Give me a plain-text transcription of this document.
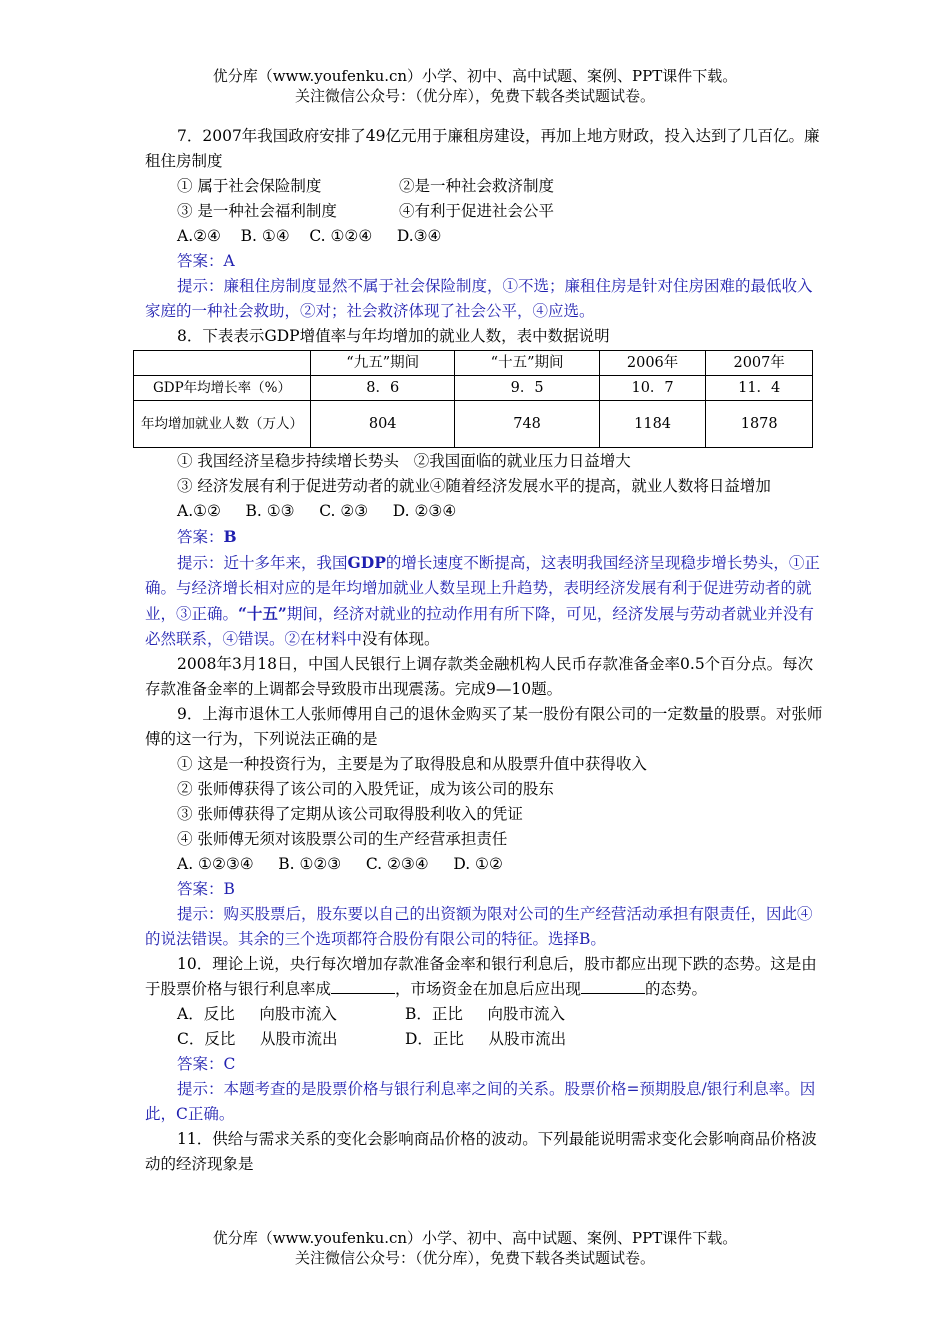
优分库（www.youfenku.cn）小学、初中、高中试题、案例、PPT课件下载。
关注微信公众号：（优分库），免费下载各类试题试卷。

7．2007年我国政府安排了49亿元用于廉租房建设，再加上地方财政，投入达到了几百亿。廉租住房制度

① 属于社会保险制度	②是一种社会救济制度

③ 是一种社会福利制度	④有利于促进社会公平

A.②④    B. ①④    C. ①②④     D.③④

答案：A

提示：廉租住房制度显然不属于社会保险制度，①不选；廉租住房是针对住房困难的最低收入家庭的一种社会救助，②对；社会救济体现了社会公平，④应选。

8．下表表示GDP增值率与年均增加的就业人数，表中数据说明

	“九五”期间	“十五”期间	2006年	2007年
GDP年均增长率（%）	8．6	9．5	10．7	11．4
年均增加就业人数（万人）	804	748	1184	1878

① 我国经济呈稳步持续增长势头   ②我国面临的就业压力日益增大

③ 经济发展有利于促进劳动者的就业④随着经济发展水平的提高，就业人数将日益增加

A.①②     B. ①③     C. ②③     D. ②③④

答案：B

提示：近十多年来，我国GDP的增长速度不断提高，这表明我国经济呈现稳步增长势头，①正确。与经济增长相对应的是年均增加就业人数呈现上升趋势，表明经济发展有利于促进劳动者的就业，③正确。“十五”期间，经济对就业的拉动作用有所下降，可见，经济发展与劳动者就业并没有必然联系，④错误。②在材料中没有体现。

2008年3月18日，中国人民银行上调存款类金融机构人民币存款准备金率0.5个百分点。每次存款准备金率的上调都会导致股市出现震荡。完成9—10题。

9．上海市退休工人张师傅用自己的退休金购买了某一股份有限公司的一定数量的股票。对张师傅的这一行为，下列说法正确的是

① 这是一种投资行为，主要是为了取得股息和从股票升值中获得收入

② 张师傅获得了该公司的入股凭证，成为该公司的股东

③ 张师傅获得了定期从该公司取得股利收入的凭证

④ 张师傅无须对该股票公司的生产经营承担责任

A. ①②③④     B. ①②③     C. ②③④     D. ①②

答案：B

提示：购买股票后，股东要以自己的出资额为限对公司的生产经营活动承担有限责任，因此④的说法错误。其余的三个选项都符合股份有限公司的特征。选择B。

10．理论上说，央行每次增加存款准备金率和银行利息后，股市都应出现下跌的态势。这是由于股票价格与银行利息率成	，市场资金在加息后应出现	的态势。

A．反比     向股市流入	B．正比     向股市流入

C．反比     从股市流出	D．正比     从股市流出

答案：C

提示：本题考查的是股票价格与银行利息率之间的关系。股票价格=预期股息/银行利息率。因此，C正确。

11．供给与需求关系的变化会影响商品价格的波动。下列最能说明需求变化会影响商品价格波动的经济现象是

优分库（www.youfenku.cn）小学、初中、高中试题、案例、PPT课件下载。
关注微信公众号：（优分库），免费下载各类试题试卷。
